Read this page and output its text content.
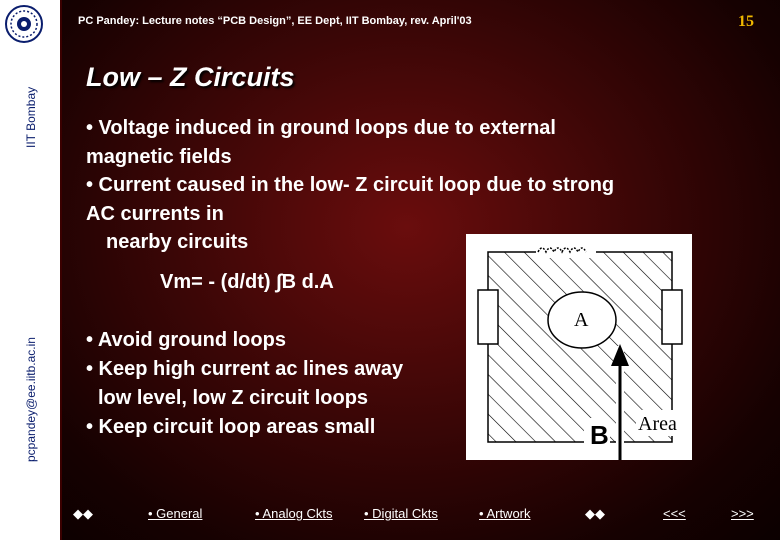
IIT Bombay
pcpandey@ee.iitb.ac.in
PC Pandey: Lecture notes “PCB Design”, EE Dept, IIT Bombay, rev. April'03	15
Low – Z Circuits
• Voltage induced in ground loops due to external
magnetic fields
• Current caused in the low- Z circuit loop due to strong
AC currents in
nearby circuits
Vm= - (d/dt) ∫B d.A
• Avoid ground loops
• Keep high current ac lines away
low level, low Z circuit loops
• Keep circuit loop areas small
A
Area
B
◆◆	• General	• Analog Ckts • Digital Ckts	• Artwork	◆◆	<<<	>>>
